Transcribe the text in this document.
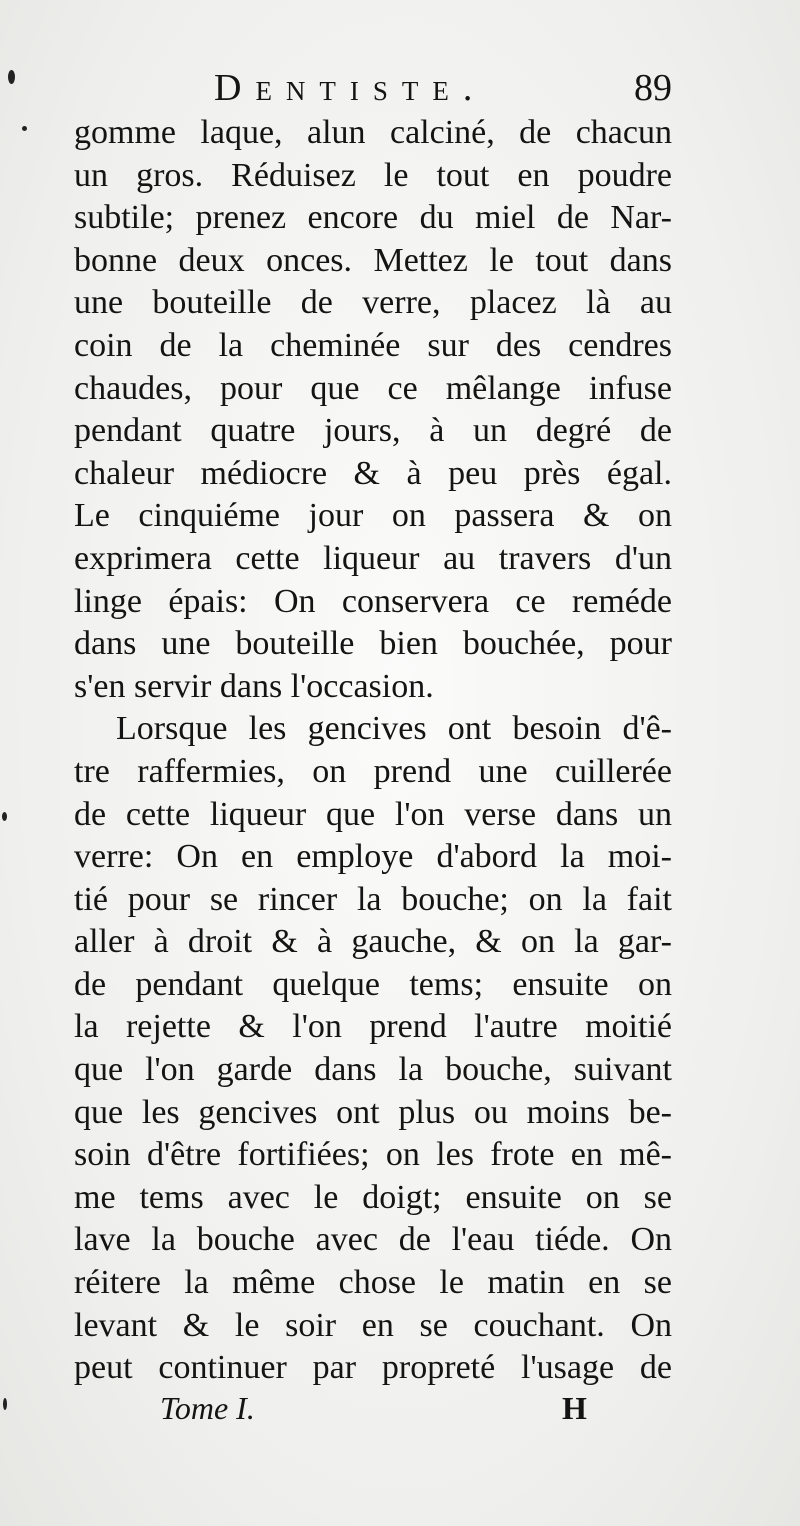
Dentiste.	89
gomme laque, alun calciné, de chacun
un gros. Réduisez le tout en poudre
subtile; prenez encore du miel de Nar-
bonne deux onces. Mettez le tout dans
une bouteille de verre, placez là au
coin de la cheminée sur des cendres
chaudes, pour que ce mêlange infuse
pendant quatre jours, à un degré de
chaleur médiocre & à peu près égal.
Le cinquiéme jour on passera & on
exprimera cette liqueur au travers d'un
linge épais: On conservera ce reméde
dans une bouteille bien bouchée, pour
s'en servir dans l'occasion.
Lorsque les gencives ont besoin d'ê-
tre raffermies, on prend une cuillerée
de cette liqueur que l'on verse dans un
verre: On en employe d'abord la moi-
tié pour se rincer la bouche; on la fait
aller à droit & à gauche, & on la gar-
de pendant quelque tems; ensuite on
la rejette & l'on prend l'autre moitié
que l'on garde dans la bouche, suivant
que les gencives ont plus ou moins be-
soin d'être fortifiées; on les frote en mê-
me tems avec le doigt; ensuite on se
lave la bouche avec de l'eau tiéde. On
réitere la même chose le matin en se
levant & le soir en se couchant. On
peut continuer par propreté l'usage de
Tome I.	H
